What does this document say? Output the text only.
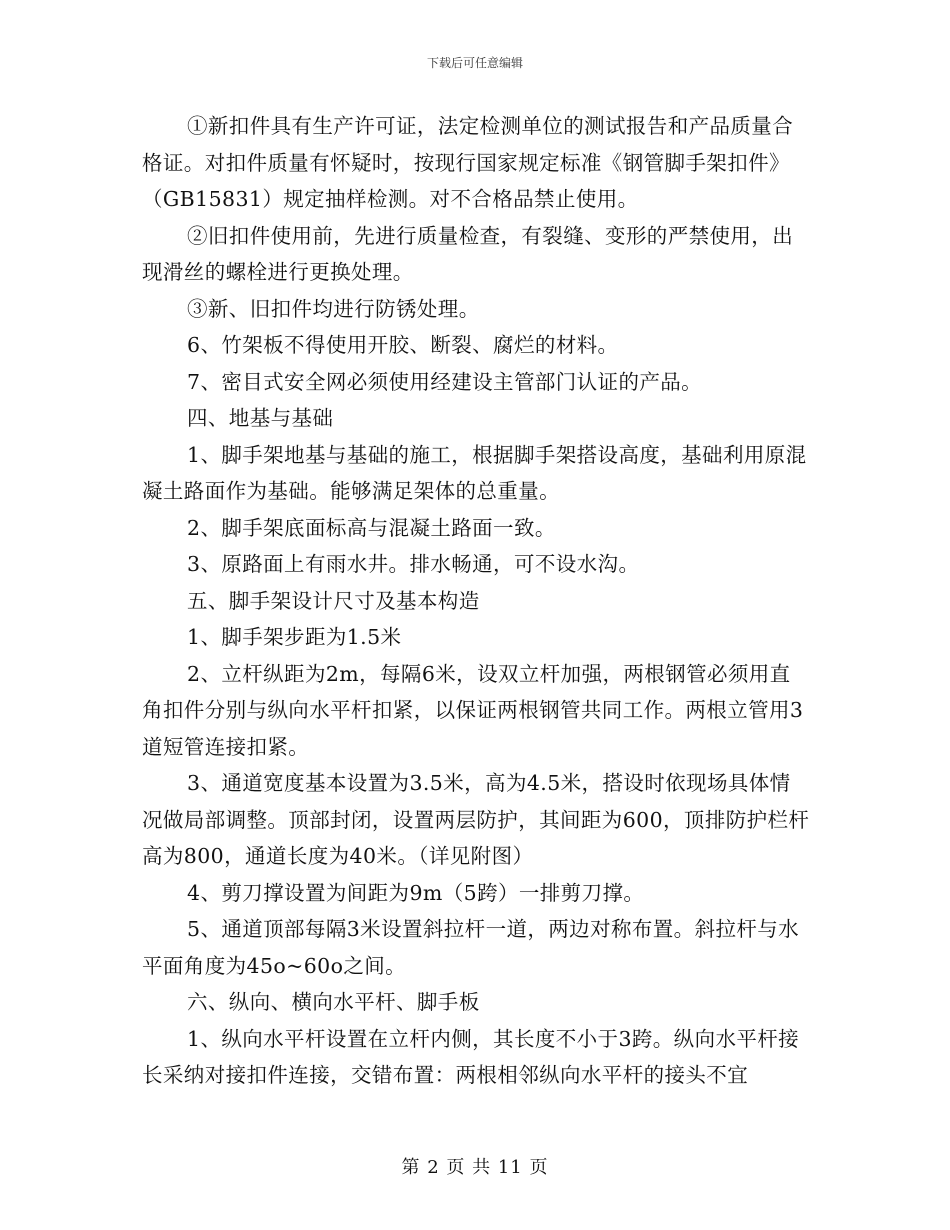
下载后可任意编辑

①新扣件具有生产许可证，法定检测单位的测试报告和产品质量合格证。对扣件质量有怀疑时，按现行国家规定标准《钢管脚手架扣件》（GB15831）规定抽样检测。对不合格品禁止使用。

②旧扣件使用前，先进行质量检查，有裂缝、变形的严禁使用，出现滑丝的螺栓进行更换处理。

③新、旧扣件均进行防锈处理。

6、竹架板不得使用开胶、断裂、腐烂的材料。

7、密目式安全网必须使用经建设主管部门认证的产品。

四、地基与基础

1、脚手架地基与基础的施工，根据脚手架搭设高度，基础利用原混凝土路面作为基础。能够满足架体的总重量。

2、脚手架底面标高与混凝土路面一致。

3、原路面上有雨水井。排水畅通，可不设水沟。

五、脚手架设计尺寸及基本构造

1、脚手架步距为1.5米

2、立杆纵距为2m，每隔6米，设双立杆加强，两根钢管必须用直角扣件分别与纵向水平杆扣紧，以保证两根钢管共同工作。两根立管用3道短管连接扣紧。

3、通道宽度基本设置为3.5米，高为4.5米，搭设时依现场具体情况做局部调整。顶部封闭，设置两层防护，其间距为600，顶排防护栏杆高为800，通道长度为40米。（详见附图）

4、剪刀撑设置为间距为9m（5跨）一排剪刀撑。

5、通道顶部每隔3米设置斜拉杆一道，两边对称布置。斜拉杆与水平面角度为45o~60o之间。

六、纵向、横向水平杆、脚手板

1、纵向水平杆设置在立杆内侧，其长度不小于3跨。纵向水平杆接长采纳对接扣件连接，交错布置：两根相邻纵向水平杆的接头不宜

第 2 页 共 11 页
